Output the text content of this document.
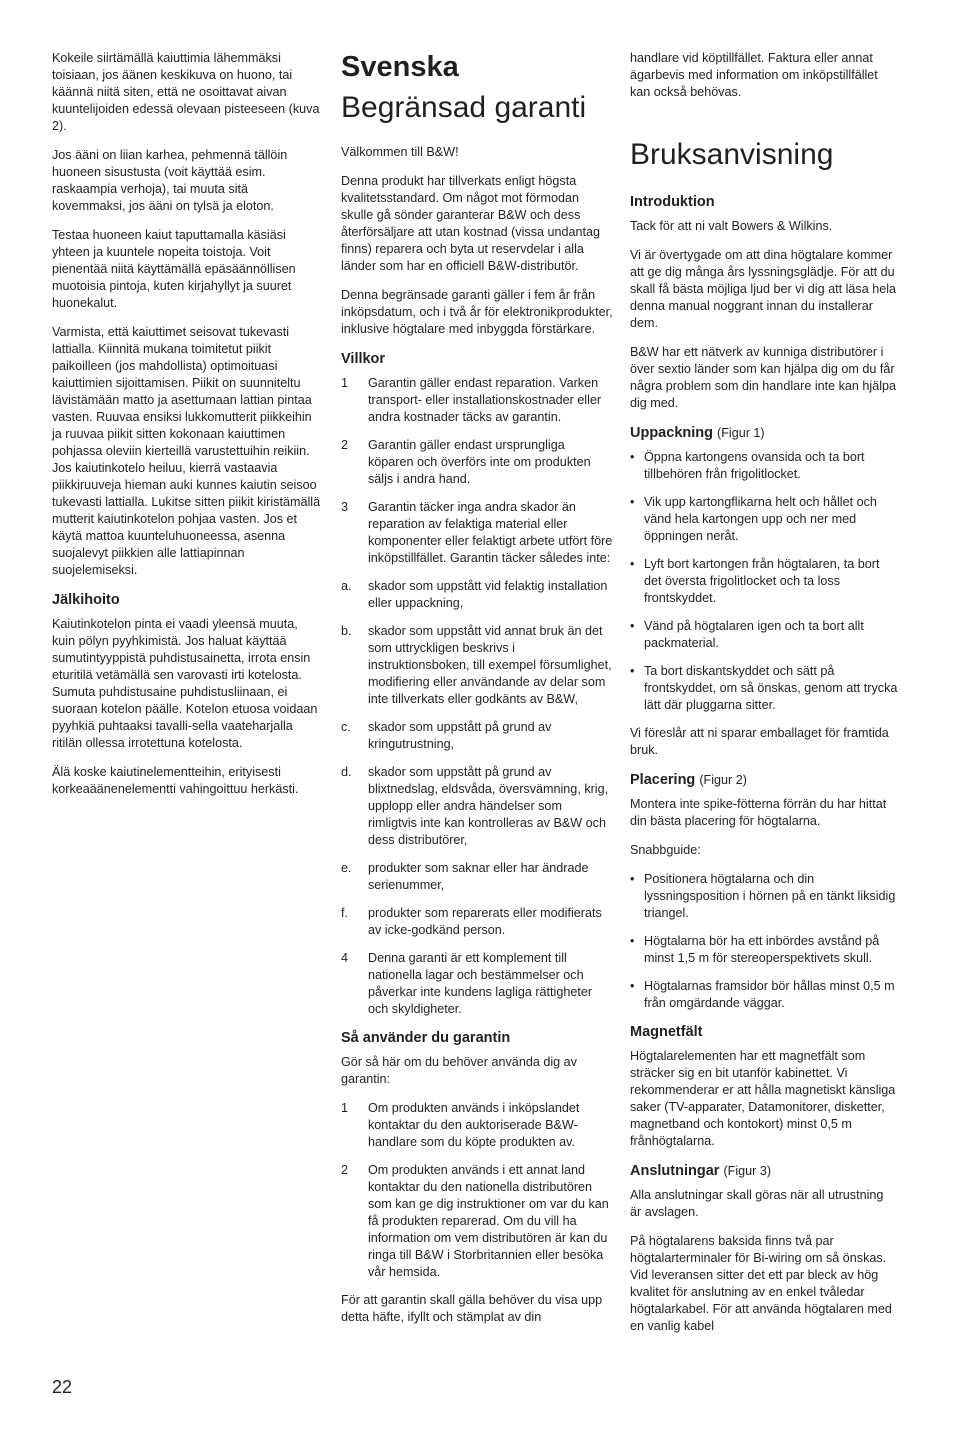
Kokeile siirtämällä kaiuttimia lähemmäksi toisiaan, jos äänen keskikuva on huono, tai käännä niitä siten, että ne osoittavat aivan kuuntelijoiden edessä olevaan pisteeseen (kuva 2).

Jos ääni on liian karhea, pehmennä tällöin huoneen sisustusta (voit käyttää esim. raskaampia verhoja), tai muuta sitä kovemmaksi, jos ääni on tylsä ja eloton.

Testaa huoneen kaiut taputtamalla käsiäsi yhteen ja kuuntele nopeita toistoja. Voit pienentää niitä käyttämällä epäsäännöllisen muotoisia pintoja, kuten kirjahyllyt ja suuret huonekalut.

Varmista, että kaiuttimet seisovat tukevasti lattialla. Kiinnitä mukana toimitetut piikit paikoilleen (jos mahdollista) optimoituasi kaiuttimien sijoittamisen. Piikit on suunniteltu lävistämään matto ja asettumaan lattian pintaa vasten. Ruuvaa ensiksi lukkomutterit piikkeihin ja ruuvaa piikit sitten kokonaan kaiuttimen pohjassa oleviin kierteillä varustettuihin reikiin. Jos kaiutinkotelo heiluu, kierrä vastaavia piikkiruuveja hieman auki kunnes kaiutin seisoo tukevasti lattialla. Lukitse sitten piikit kiristämällä mutterit kaiutinkotelon pohjaa vasten. Jos et käytä mattoa kuunteluhuoneessa, asenna suojalevyt piikkien alle lattiapinnan suojelemiseksi.

Jälkihoito

Kaiutinkotelon pinta ei vaadi yleensä muuta, kuin pölyn pyyhkimistä. Jos haluat käyttää sumutintyyppistä puhdistusainetta, irrota ensin eturitilä vetämällä sen varovasti irti kotelosta. Sumuta puhdistusaine puhdistusliinaan, ei suoraan kotelon päälle. Kotelon etuosa voidaan pyyhkiä puhtaaksi tavalli-sella vaateharjalla ritilän ollessa irrotettuna kotelosta.

Älä koske kaiutinelementteihin, erityisesti korkeaäänenelementti vahingoittuu herkästi.

Svenska
Begränsad garanti

Välkommen till B&W!

Denna produkt har tillverkats enligt högsta kvalitetsstandard. Om något mot förmodan skulle gå sönder garanterar B&W och dess återförsäljare att utan kostnad (vissa undantag finns) reparera och byta ut reservdelar i alla länder som har en officiell B&W-distributör.

Denna begränsade garanti gäller i fem år från inköpsdatum, och i två år för elektronikprodukter, inklusive högtalare med inbyggda förstärkare.

Villkor
1	Garantin gäller endast reparation. Varken transport- eller installationskostnader eller andra kostnader täcks av garantin.
2	Garantin gäller endast ursprungliga köparen och överförs inte om produkten säljs i andra hand.
3	Garantin täcker inga andra skador än reparation av felaktiga material eller komponenter eller felaktigt arbete utfört före inköpstillfället. Garantin täcker således inte:
a.	skador som uppstått vid felaktig installation eller uppackning,
b.	skador som uppstått vid annat bruk än det som uttryckligen beskrivs i instruktionsboken, till exempel försumlighet, modifiering eller användande av delar som inte tillverkats eller godkänts av B&W,
c.	skador som uppstått på grund av kringutrustning,
d.	skador som uppstått på grund av blixtnedslag, eldsvåda, översvämning, krig, upplopp eller andra händelser som rimligtvis inte kan kontrolleras av B&W och dess distributörer,
e.	produkter som saknar eller har ändrade serienummer,
f.	produkter som reparerats eller modifierats av icke-godkänd person.
4	Denna garanti är ett komplement till nationella lagar och bestämmelser och påverkar inte kundens lagliga rättigheter och skyldigheter.
Så använder du garantin

Gör så här om du behöver använda dig av garantin:

1	Om produkten används i inköpslandet kontaktar du den auktoriserade B&W-handlare som du köpte produkten av.
2	Om produkten används i ett annat land kontaktar du den nationella distributören som kan ge dig instruktioner om var du kan få produkten reparerad. Om du vill ha information om vem distributören är kan du ringa till B&W i Storbritannien eller besöka vår hemsida.

För att garantin skall gälla behöver du visa upp detta häfte, ifyllt och stämplat av din

handlare vid köptillfället. Faktura eller annat ägarbevis med information om inköpstillfället kan också behövas.

Bruksanvisning
Introduktion

Tack för att ni valt Bowers & Wilkins.

Vi är övertygade om att dina högtalare kommer att ge dig många års lyssningsglädje. För att du skall få bästa möjliga ljud ber vi dig att läsa hela denna manual noggrant innan du installerar dem.

B&W har ett nätverk av kunniga distributörer i över sextio länder som kan hjälpa dig om du får några problem som din handlare inte kan hjälpa dig med.

Uppackning (Figur 1)
• Öppna kartongens ovansida och ta bort tillbehören från frigolitlocket.
• Vik upp kartongflikarna helt och hållet och vänd hela kartongen upp och ner med öppningen neråt.
• Lyft bort kartongen från högtalaren, ta bort det översta frigolitlocket och ta loss frontskyddet.
• Vänd på högtalaren igen och ta bort allt packmaterial.
• Ta bort diskantskyddet och sätt på frontskyddet, om så önskas, genom att trycka lätt där pluggarna sitter.

Vi föreslår att ni sparar emballaget för framtida bruk.

Placering (Figur 2)

Montera inte spike-fötterna förrän du har hittat din bästa placering för högtalarna.

Snabbguide:

• Positionera högtalarna och din lyssningsposition i hörnen på en tänkt liksidig triangel.
• Högtalarna bör ha ett inbördes avstånd på minst 1,5 m för stereoperspektivets skull.
• Högtalarnas framsidor bör hållas minst 0,5 m från omgärdande väggar.
Magnetfält

Högtalarelementen har ett magnetfält som sträcker sig en bit utanför kabinettet. Vi rekommenderar er att hålla magnetiskt känsliga saker (TV-apparater, Datamonitorer, disketter, magnetband och kontokort) minst 0,5 m frånhögtalarna.

Anslutningar (Figur 3)

Alla anslutningar skall göras när all utrustning är avslagen.

På högtalarens baksida finns två par högtalarterminaler för Bi-wiring om så önskas. Vid leveransen sitter det ett par bleck av hög kvalitet för anslutning av en enkel tvåledar högtalarkabel. För att använda högtalaren med en vanlig kabel

22
